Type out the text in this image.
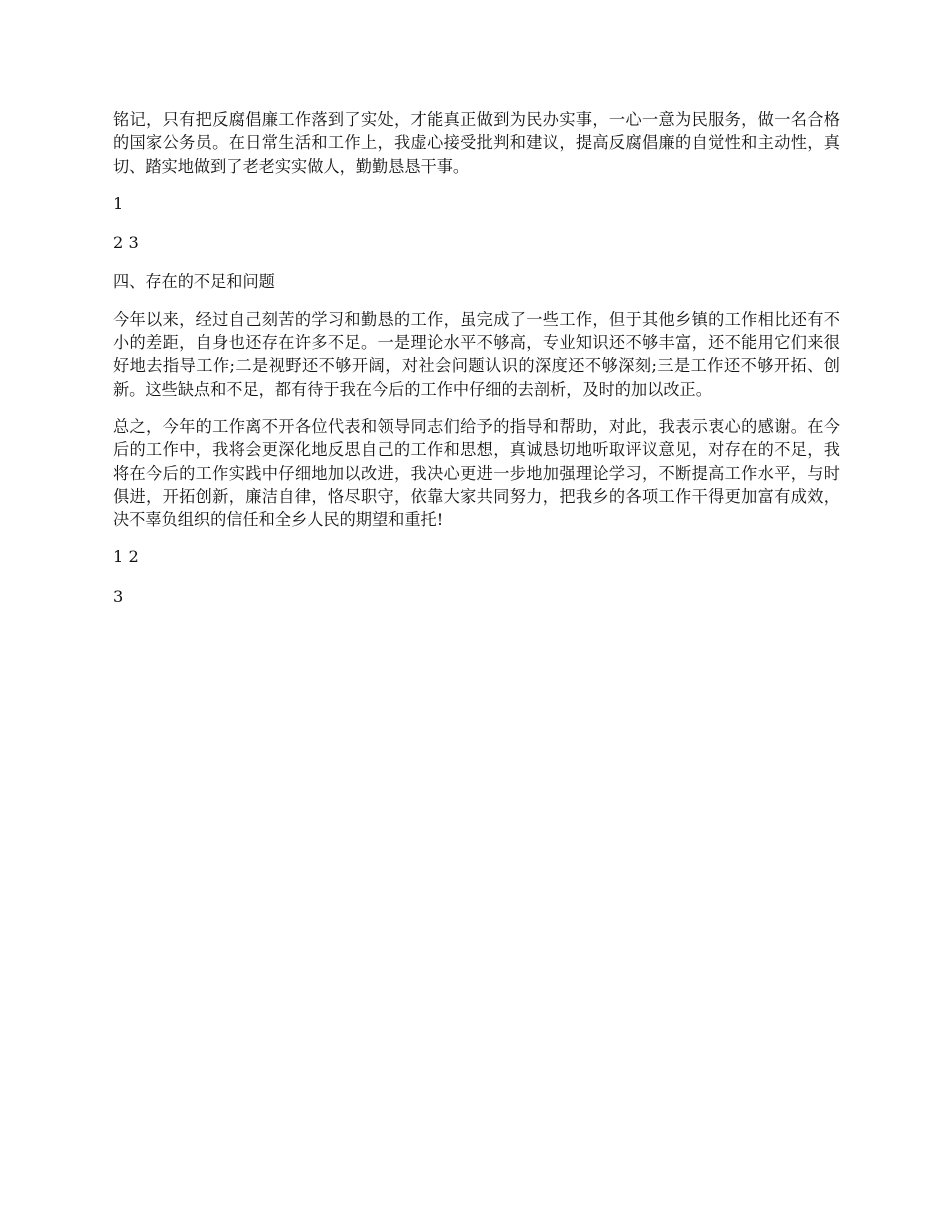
铭记，只有把反腐倡廉工作落到了实处，才能真正做到为民办实事，一心一意为民服务，做一名合格的国家公务员。在日常生活和工作上，我虚心接受批判和建议，提高反腐倡廉的自觉性和主动性，真切、踏实地做到了老老实实做人，勤勤恳恳干事。

1

2 3

四、存在的不足和问题

今年以来，经过自己刻苦的学习和勤恳的工作，虽完成了一些工作，但于其他乡镇的工作相比还有不小的差距，自身也还存在许多不足。一是理论水平不够高，专业知识还不够丰富，还不能用它们来很好地去指导工作;二是视野还不够开阔，对社会问题认识的深度还不够深刻;三是工作还不够开拓、创新。这些缺点和不足，都有待于我在今后的工作中仔细的去剖析，及时的加以改正。

总之，今年的工作离不开各位代表和领导同志们给予的指导和帮助，对此，我表示衷心的感谢。在今后的工作中，我将会更深化地反思自己的工作和思想，真诚恳切地听取评议意见，对存在的不足，我将在今后的工作实践中仔细地加以改进，我决心更进一步地加强理论学习，不断提高工作水平，与时俱进，开拓创新，廉洁自律，恪尽职守，依靠大家共同努力，把我乡的各项工作干得更加富有成效，决不辜负组织的信任和全乡人民的期望和重托!

1 2

3
